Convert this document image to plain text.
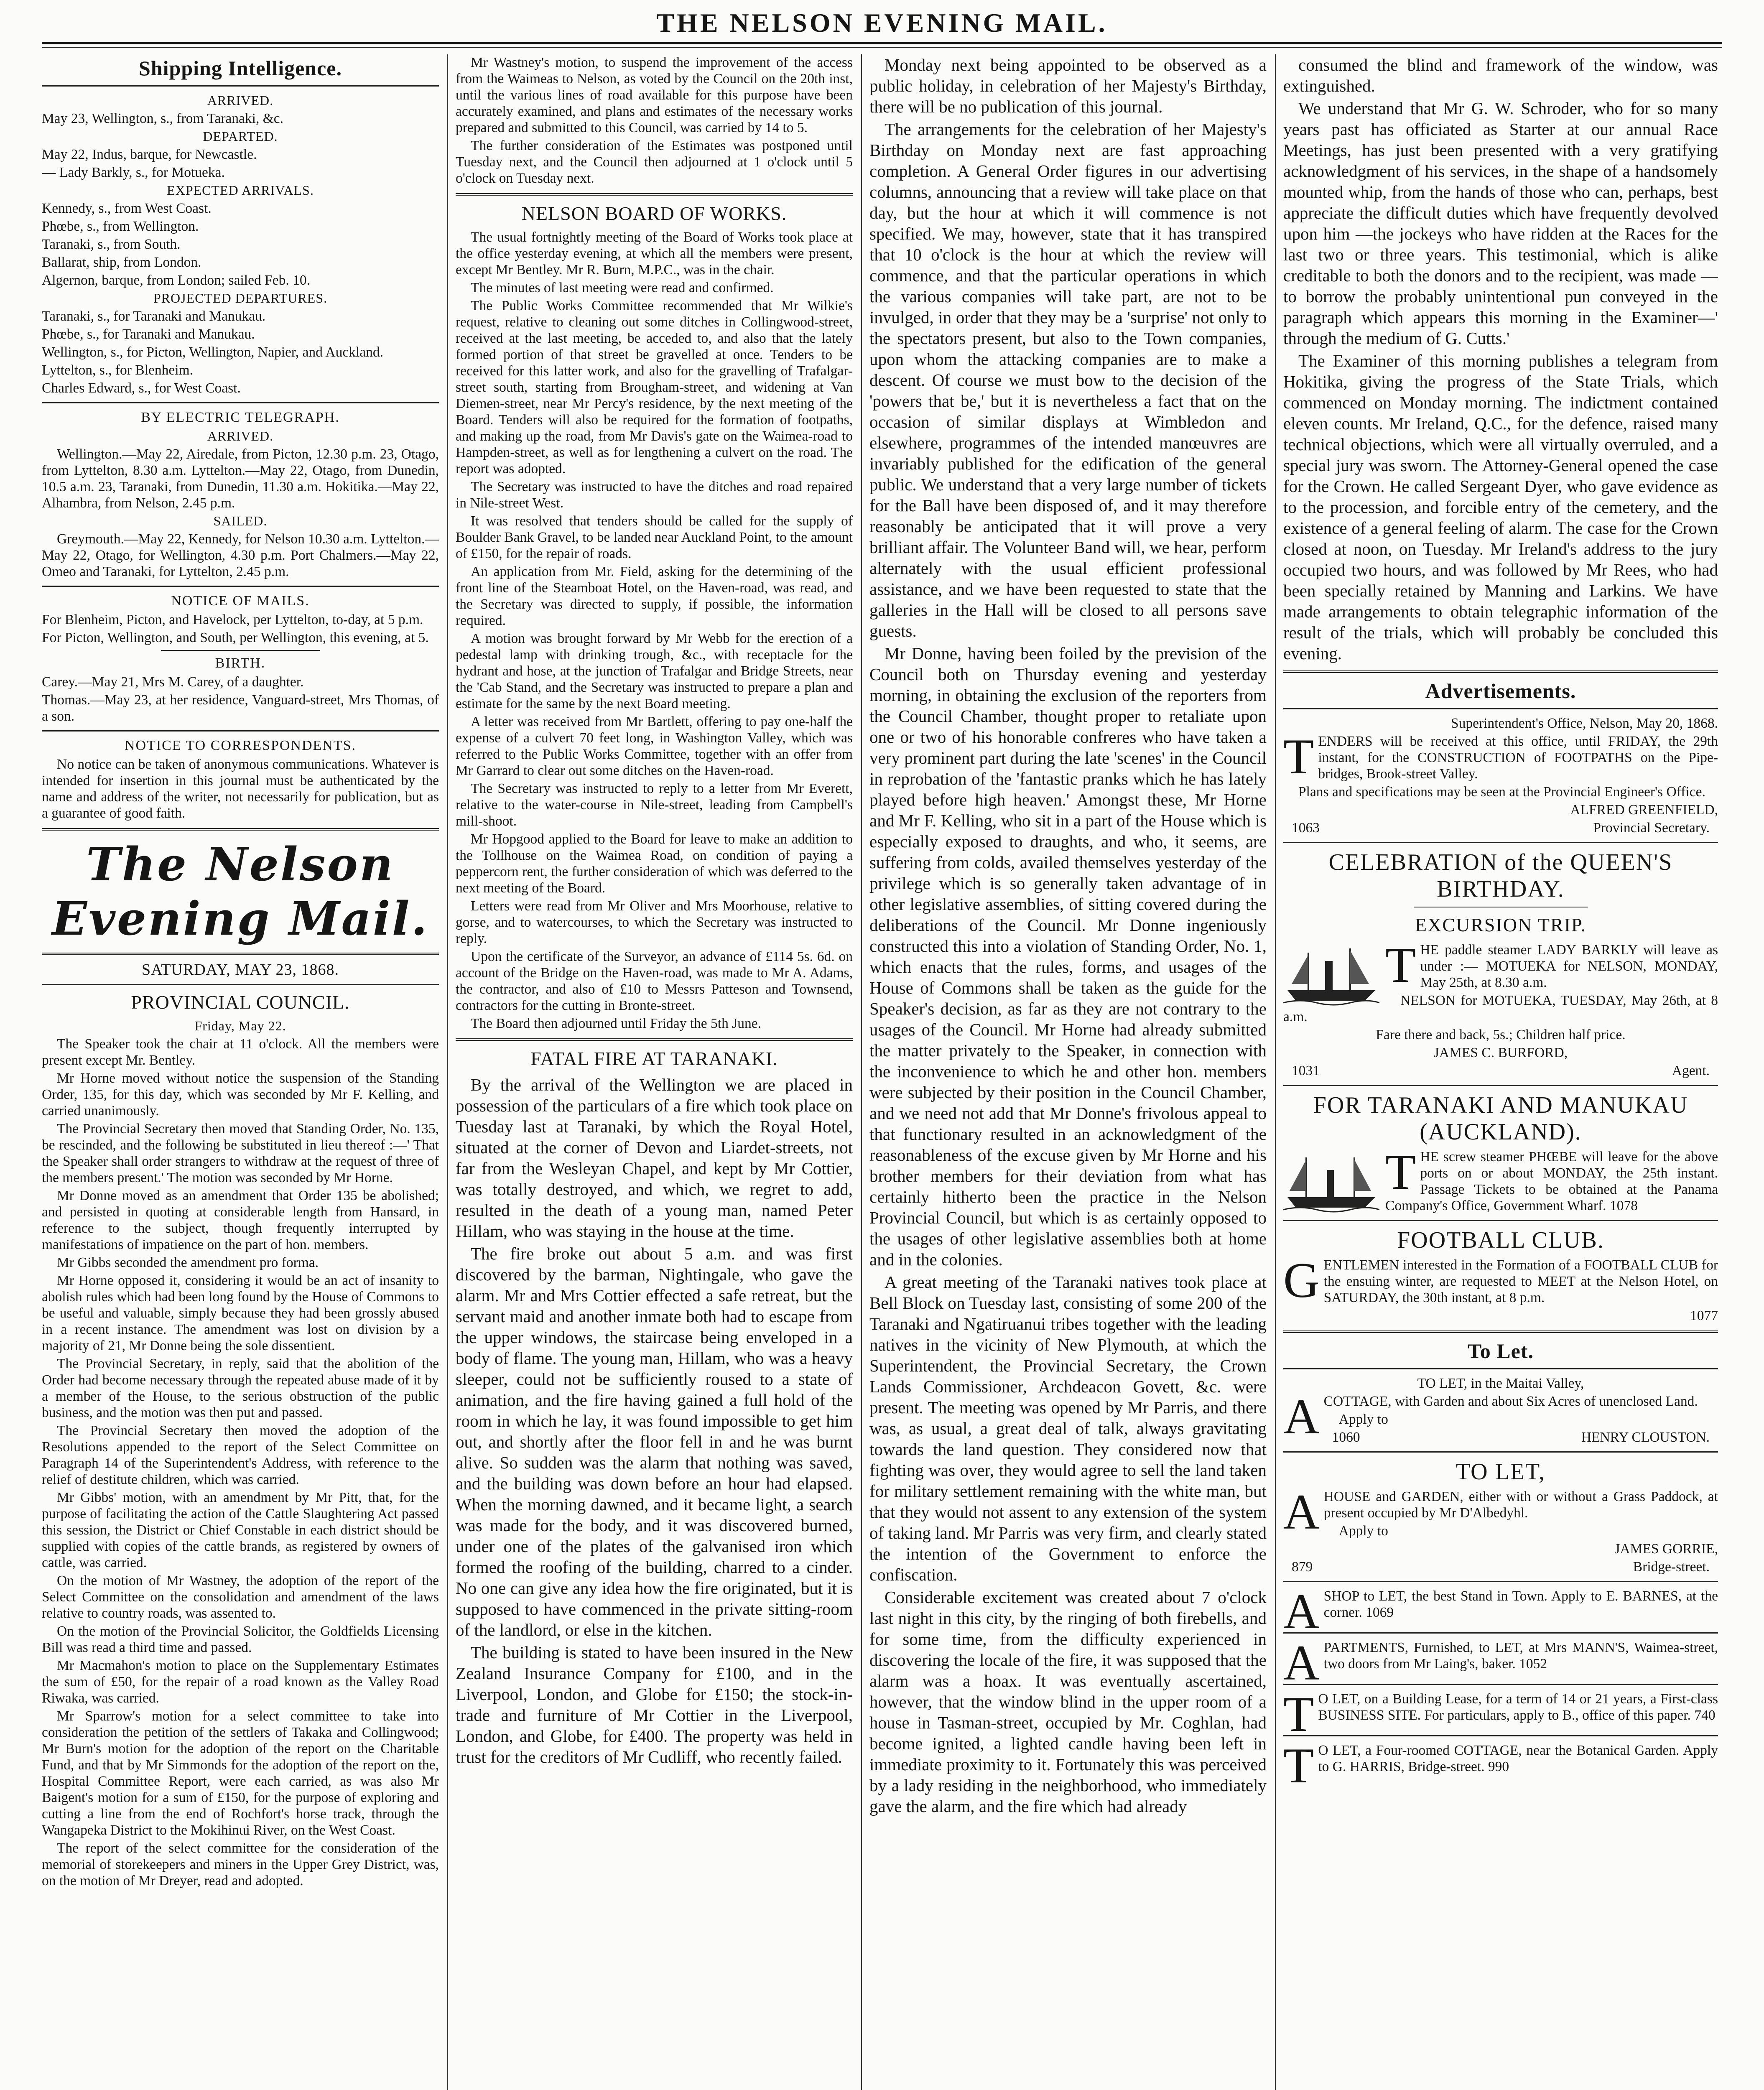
THE NELSON EVENING MAIL.
Shipping Intelligence.
ARRIVED.

May 23, Wellington, s., from Taranaki, &c.

DEPARTED.

May 22, Indus, barque, for Newcastle.

— Lady Barkly, s., for Motueka.

EXPECTED ARRIVALS.

Kennedy, s., from West Coast.

Phœbe, s., from Wellington.

Taranaki, s., from South.

Ballarat, ship, from London.

Algernon, barque, from London; sailed Feb. 10.

PROJECTED DEPARTURES.

Taranaki, s., for Taranaki and Manukau.

Phœbe, s., for Taranaki and Manukau.

Wellington, s., for Picton, Wellington, Napier, and Auckland.

Lyttelton, s., for Blenheim.

Charles Edward, s., for West Coast.

BY ELECTRIC TELEGRAPH.
ARRIVED.

Wellington.—May 22, Airedale, from Picton, 12.30 p.m. 23, Otago, from Lyttelton, 8.30 a.m. Lyttelton.—May 22, Otago, from Dunedin, 10.5 a.m. 23, Taranaki, from Dunedin, 11.30 a.m. Hokitika.—May 22, Alhambra, from Nelson, 2.45 p.m.

SAILED.

Greymouth.—May 22, Kennedy, for Nelson 10.30 a.m. Lyttelton.—May 22, Otago, for Wellington, 4.30 p.m. Port Chalmers.—May 22, Omeo and Taranaki, for Lyttelton, 2.45 p.m.

NOTICE OF MAILS.

For Blenheim, Picton, and Havelock, per Lyttelton, to-day, at 5 p.m.

For Picton, Wellington, and South, per Wellington, this evening, at 5.

BIRTH.

Carey.—May 21, Mrs M. Carey, of a daughter.

Thomas.—May 23, at her residence, Vanguard-street, Mrs Thomas, of a son.

NOTICE TO CORRESPONDENTS.

No notice can be taken of anonymous communications. Whatever is intended for insertion in this journal must be authenticated by the name and address of the writer, not necessarily for publication, but as a guarantee of good faith.

The Nelson Evening Mail.
SATURDAY, MAY 23, 1868.
PROVINCIAL COUNCIL.
Friday, May 22.

The Speaker took the chair at 11 o'clock. All the members were present except Mr. Bentley.

Mr Horne moved without notice the suspension of the Standing Order, 135, for this day, which was seconded by Mr F. Kelling, and carried unanimously.

The Provincial Secretary then moved that Standing Order, No. 135, be rescinded, and the following be substituted in lieu thereof :—' That the Speaker shall order strangers to withdraw at the request of three of the members present.' The motion was seconded by Mr Horne.

Mr Donne moved as an amendment that Order 135 be abolished; and persisted in quoting at considerable length from Hansard, in reference to the subject, though frequently interrupted by manifestations of impatience on the part of hon. members.

Mr Gibbs seconded the amendment pro forma.

Mr Horne opposed it, considering it would be an act of insanity to abolish rules which had been long found by the House of Commons to be useful and valuable, simply because they had been grossly abused in a recent instance. The amendment was lost on division by a majority of 21, Mr Donne being the sole dissentient.

The Provincial Secretary, in reply, said that the abolition of the Order had become necessary through the repeated abuse made of it by a member of the House, to the serious obstruction of the public business, and the motion was then put and passed.

The Provincial Secretary then moved the adoption of the Resolutions appended to the report of the Select Committee on Paragraph 14 of the Superintendent's Address, with reference to the relief of destitute children, which was carried.

Mr Gibbs' motion, with an amendment by Mr Pitt, that, for the purpose of facilitating the action of the Cattle Slaughtering Act passed this session, the District or Chief Constable in each district should be supplied with copies of the cattle brands, as registered by owners of cattle, was carried.

On the motion of Mr Wastney, the adoption of the report of the Select Committee on the consolidation and amendment of the laws relative to country roads, was assented to.

On the motion of the Provincial Solicitor, the Goldfields Licensing Bill was read a third time and passed.

Mr Macmahon's motion to place on the Supplementary Estimates the sum of £50, for the repair of a road known as the Valley Road Riwaka, was carried.

Mr Sparrow's motion for a select committee to take into consideration the petition of the settlers of Takaka and Collingwood; Mr Burn's motion for the adoption of the report on the Charitable Fund, and that by Mr Simmonds for the adoption of the report on the, Hospital Committee Report, were each carried, as was also Mr Baigent's motion for a sum of £150, for the purpose of exploring and cutting a line from the end of Rochfort's horse track, through the Wangapeka District to the Mokihinui River, on the West Coast.

The report of the select committee for the consideration of the memorial of storekeepers and miners in the Upper Grey District, was, on the motion of Mr Dreyer, read and adopted.

Mr Wastney's motion, to suspend the improvement of the access from the Waimeas to Nelson, as voted by the Council on the 20th inst, until the various lines of road available for this purpose have been accurately examined, and plans and estimates of the necessary works prepared and submitted to this Council, was carried by 14 to 5.

The further consideration of the Estimates was postponed until Tuesday next, and the Council then adjourned at 1 o'clock until 5 o'clock on Tuesday next.

NELSON BOARD OF WORKS.

The usual fortnightly meeting of the Board of Works took place at the office yesterday evening, at which all the members were present, except Mr Bentley. Mr R. Burn, M.P.C., was in the chair.

The minutes of last meeting were read and confirmed.

The Public Works Committee recommended that Mr Wilkie's request, relative to cleaning out some ditches in Collingwood-street, received at the last meeting, be acceded to, and also that the lately formed portion of that street be gravelled at once. Tenders to be received for this latter work, and also for the gravelling of Trafalgar-street south, starting from Brougham-street, and widening at Van Diemen-street, near Mr Percy's residence, by the next meeting of the Board. Tenders will also be required for the formation of footpaths, and making up the road, from Mr Davis's gate on the Waimea-road to Hampden-street, as well as for lengthening a culvert on the road. The report was adopted.

The Secretary was instructed to have the ditches and road repaired in Nile-street West.

It was resolved that tenders should be called for the supply of Boulder Bank Gravel, to be landed near Auckland Point, to the amount of £150, for the repair of roads.

An application from Mr. Field, asking for the determining of the front line of the Steamboat Hotel, on the Haven-road, was read, and the Secretary was directed to supply, if possible, the information required.

A motion was brought forward by Mr Webb for the erection of a pedestal lamp with drinking trough, &c., with receptacle for the hydrant and hose, at the junction of Trafalgar and Bridge Streets, near the 'Cab Stand, and the Secretary was instructed to prepare a plan and estimate for the same by the next Board meeting.

A letter was received from Mr Bartlett, offering to pay one-half the expense of a culvert 70 feet long, in Washington Valley, which was referred to the Public Works Committee, together with an offer from Mr Garrard to clear out some ditches on the Haven-road.

The Secretary was instructed to reply to a letter from Mr Everett, relative to the water-course in Nile-street, leading from Campbell's mill-shoot.

Mr Hopgood applied to the Board for leave to make an addition to the Tollhouse on the Waimea Road, on condition of paying a peppercorn rent, the further consideration of which was deferred to the next meeting of the Board.

Letters were read from Mr Oliver and Mrs Moorhouse, relative to gorse, and to watercourses, to which the Secretary was instructed to reply.

Upon the certificate of the Surveyor, an advance of £114 5s. 6d. on account of the Bridge on the Haven-road, was made to Mr A. Adams, the contractor, and also of £10 to Messrs Patteson and Townsend, contractors for the cutting in Bronte-street.

The Board then adjourned until Friday the 5th June.

FATAL FIRE AT TARANAKI.

By the arrival of the Wellington we are placed in possession of the particulars of a fire which took place on Tuesday last at Taranaki, by which the Royal Hotel, situated at the corner of Devon and Liardet-streets, not far from the Wesleyan Chapel, and kept by Mr Cottier, was totally destroyed, and which, we regret to add, resulted in the death of a young man, named Peter Hillam, who was staying in the house at the time.

The fire broke out about 5 a.m. and was first discovered by the barman, Nightingale, who gave the alarm. Mr and Mrs Cottier effected a safe retreat, but the servant maid and another inmate both had to escape from the upper windows, the staircase being enveloped in a body of flame. The young man, Hillam, who was a heavy sleeper, could not be sufficiently roused to a state of animation, and the fire having gained a full hold of the room in which he lay, it was found impossible to get him out, and shortly after the floor fell in and he was burnt alive. So sudden was the alarm that nothing was saved, and the building was down before an hour had elapsed. When the morning dawned, and it became light, a search was made for the body, and it was discovered burned, under one of the plates of the galvanised iron which formed the roofing of the building, charred to a cinder. No one can give any idea how the fire originated, but it is supposed to have commenced in the private sitting-room of the landlord, or else in the kitchen.

The building is stated to have been insured in the New Zealand Insurance Company for £100, and in the Liverpool, London, and Globe for £150; the stock-in-trade and furniture of Mr Cottier in the Liverpool, London, and Globe, for £400. The property was held in trust for the creditors of Mr Cudliff, who recently failed.

Monday next being appointed to be observed as a public holiday, in celebration of her Majesty's Birthday, there will be no publication of this journal.

The arrangements for the celebration of her Majesty's Birthday on Monday next are fast approaching completion. A General Order figures in our advertising columns, announcing that a review will take place on that day, but the hour at which it will commence is not specified. We may, however, state that it has transpired that 10 o'clock is the hour at which the review will commence, and that the particular operations in which the various companies will take part, are not to be invulged, in order that they may be a 'surprise' not only to the spectators present, but also to the Town companies, upon whom the attacking companies are to make a descent. Of course we must bow to the decision of the 'powers that be,' but it is nevertheless a fact that on the occasion of similar displays at Wimbledon and elsewhere, programmes of the intended manœuvres are invariably published for the edification of the general public. We understand that a very large number of tickets for the Ball have been disposed of, and it may therefore reasonably be anticipated that it will prove a very brilliant affair. The Volunteer Band will, we hear, perform alternately with the usual efficient professional assistance, and we have been requested to state that the galleries in the Hall will be closed to all persons save guests.

Mr Donne, having been foiled by the prevision of the Council both on Thursday evening and yesterday morning, in obtaining the exclusion of the reporters from the Council Chamber, thought proper to retaliate upon one or two of his honorable confreres who have taken a very prominent part during the late 'scenes' in the Council in reprobation of the 'fantastic pranks which he has lately played before high heaven.' Amongst these, Mr Horne and Mr F. Kelling, who sit in a part of the House which is especially exposed to draughts, and who, it seems, are suffering from colds, availed themselves yesterday of the privilege which is so generally taken advantage of in other legislative assemblies, of sitting covered during the deliberations of the Council. Mr Donne ingeniously constructed this into a violation of Standing Order, No. 1, which enacts that the rules, forms, and usages of the House of Commons shall be taken as the guide for the Speaker's decision, as far as they are not contrary to the usages of the Council. Mr Horne had already submitted the matter privately to the Speaker, in connection with the inconvenience to which he and other hon. members were subjected by their position in the Council Chamber, and we need not add that Mr Donne's frivolous appeal to that functionary resulted in an acknowledgment of the reasonableness of the excuse given by Mr Horne and his brother members for their deviation from what has certainly hitherto been the practice in the Nelson Provincial Council, but which is as certainly opposed to the usages of other legislative assemblies both at home and in the colonies.

A great meeting of the Taranaki natives took place at Bell Block on Tuesday last, consisting of some 200 of the Taranaki and Ngatiruanui tribes together with the leading natives in the vicinity of New Plymouth, at which the Superintendent, the Provincial Secretary, the Crown Lands Commissioner, Archdeacon Govett, &c. were present. The meeting was opened by Mr Parris, and there was, as usual, a great deal of talk, always gravitating towards the land question. They considered now that fighting was over, they would agree to sell the land taken for military settlement remaining with the white man, but that they would not assent to any extension of the system of taking land. Mr Parris was very firm, and clearly stated the intention of the Government to enforce the confiscation.

Considerable excitement was created about 7 o'clock last night in this city, by the ringing of both firebells, and for some time, from the difficulty experienced in discovering the locale of the fire, it was supposed that the alarm was a hoax. It was eventually ascertained, however, that the window blind in the upper room of a house in Tasman-street, occupied by Mr. Coghlan, had become ignited, a lighted candle having been left in immediate proximity to it. Fortunately this was perceived by a lady residing in the neighborhood, who immediately gave the alarm, and the fire which had already

consumed the blind and framework of the window, was extinguished.

We understand that Mr G. W. Schroder, who for so many years past has officiated as Starter at our annual Race Meetings, has just been presented with a very gratifying acknowledgment of his services, in the shape of a handsomely mounted whip, from the hands of those who can, perhaps, best appreciate the difficult duties which have frequently devolved upon him —the jockeys who have ridden at the Races for the last two or three years. This testimonial, which is alike creditable to both the donors and to the recipient, was made —to borrow the probably unintentional pun conveyed in the paragraph which appears this morning in the Examiner—' through the medium of G. Cutts.'

The Examiner of this morning publishes a telegram from Hokitika, giving the progress of the State Trials, which commenced on Monday morning. The indictment contained eleven counts. Mr Ireland, Q.C., for the defence, raised many technical objections, which were all virtually overruled, and a special jury was sworn. The Attorney-General opened the case for the Crown. He called Sergeant Dyer, who gave evidence as to the procession, and forcible entry of the cemetery, and the existence of a general feeling of alarm. The case for the Crown closed at noon, on Tuesday. Mr Ireland's address to the jury occupied two hours, and was followed by Mr Rees, who had been specially retained by Manning and Larkins. We have made arrangements to obtain telegraphic information of the result of the trials, which will probably be concluded this evening.

Advertisements.

Superintendent's Office, Nelson, May 20, 1868.

TENDERS will be received at this office, until FRIDAY, the 29th instant, for the CONSTRUCTION of FOOTPATHS on the Pipe-bridges, Brook-street Valley.

Plans and specifications may be seen at the Provincial Engineer's Office.

ALFRED GREENFIELD,

1063	Provincial Secretary.
CELEBRATION of the QUEEN'S BIRTHDAY.
EXCURSION TRIP.

THE paddle steamer LADY BARKLY will leave as under :— MOTUEKA for NELSON, MONDAY, May 25th, at 8.30 a.m.

NELSON for MOTUEKA, TUESDAY, May 26th, at 8 a.m.

Fare there and back, 5s.; Children half price.

JAMES C. BURFORD,

1031	Agent.
FOR TARANAKI AND MANUKAU (AUCKLAND).

THE screw steamer PHŒBE will leave for the above ports on or about MONDAY, the 25th instant. Passage Tickets to be obtained at the Panama Company's Office, Government Wharf. 1078

FOOTBALL CLUB.

GENTLEMEN interested in the Formation of a FOOTBALL CLUB for the ensuing winter, are requested to MEET at the Nelson Hotel, on SATURDAY, the 30th instant, at 8 p.m.

1077

To Let.

TO LET, in the Maitai Valley,

ACOTTAGE, with Garden and about Six Acres of unenclosed Land.

Apply to

1060	HENRY CLOUSTON.
TO LET,

AHOUSE and GARDEN, either with or without a Grass Paddock, at present occupied by Mr D'Albedyhl.

Apply to

JAMES GORRIE,

879	Bridge-street.

ASHOP to LET, the best Stand in Town. Apply to E. BARNES, at the corner. 1069

APARTMENTS, Furnished, to LET, at Mrs MANN'S, Waimea-street, two doors from Mr Laing's, baker. 1052

T O LET, on a Building Lease, for a term of 14 or 21 years, a First-class BUSINESS SITE. For particulars, apply to B., office of this paper. 740

T O LET, a Four-roomed COTTAGE, near the Botanical Garden. Apply to G. HARRIS, Bridge-street. 990
